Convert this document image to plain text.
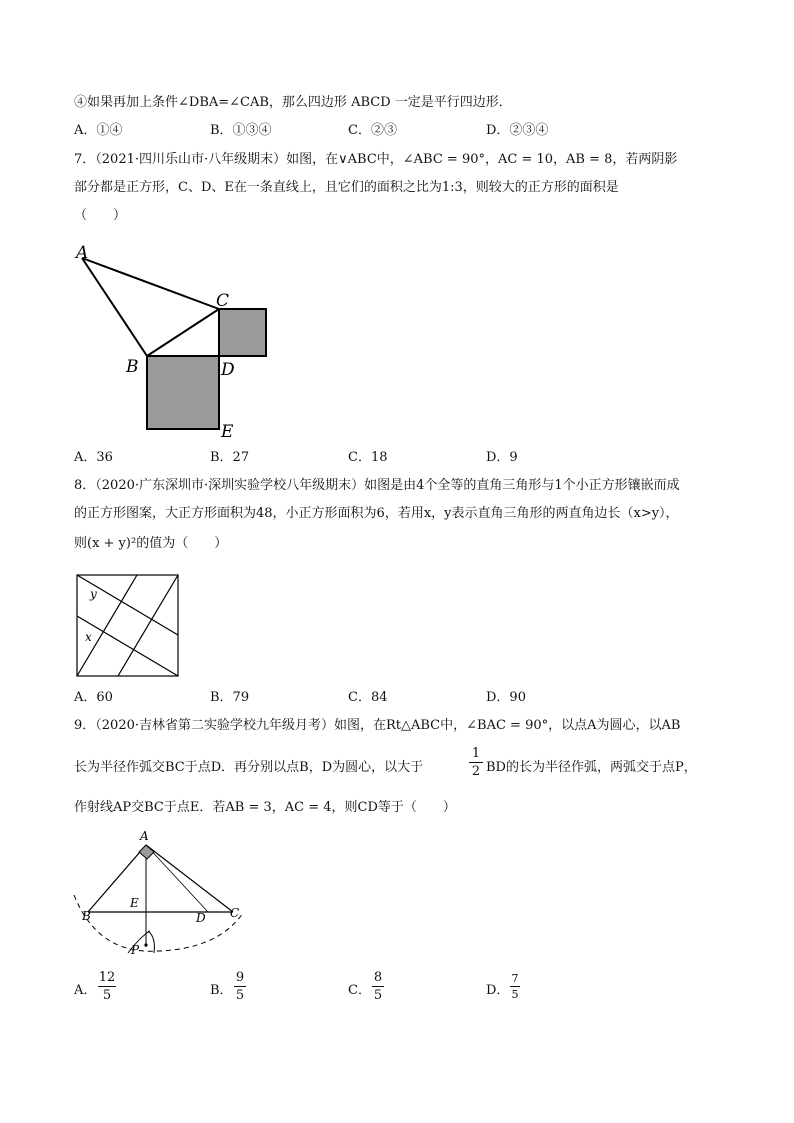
④如果再加上条件∠DBA=∠CAB，那么四边形 ABCD 一定是平行四边形．
A．①④	B．①③④	C．②③	D．②③④
7．（2021·四川乐山市·八年级期末）如图，在∨ABC中，∠ABC = 90°，AC = 10，AB = 8，若两阴影
部分都是正方形，C、D、E在一条直线上，且它们的面积之比为1:3，则较大的正方形的面积是
（　　）
A
C
B	D
E
A．36	B．27	C．18	D．9
8．（2020·广东深圳市·深圳实验学校八年级期末）如图是由4个全等的直角三角形与1个小正方形镶嵌而成
的正方形图案，大正方形面积为48，小正方形面积为6，若用x，y表示直角三角形的两直角边长（x>y），
则(x + y)²的值为（　　）
y
x
A．60	B．79	C．84	D．90
9．（2020·吉林省第二实验学校九年级月考）如图，在Rt△ABC中，∠BAC = 90°，以点A为圆心，以AB
长为半径作弧交BC于点D．再分别以点B，D为圆心，以大于
1
2 BD的长为半径作弧，两弧交于点P，
作射线AP交BC于点E．若AB = 3，AC = 4，则CD等于（　　）
A
B	C
D
E
P
A．
12
5	B．
9
5	C．
8
5	D．
7
5
